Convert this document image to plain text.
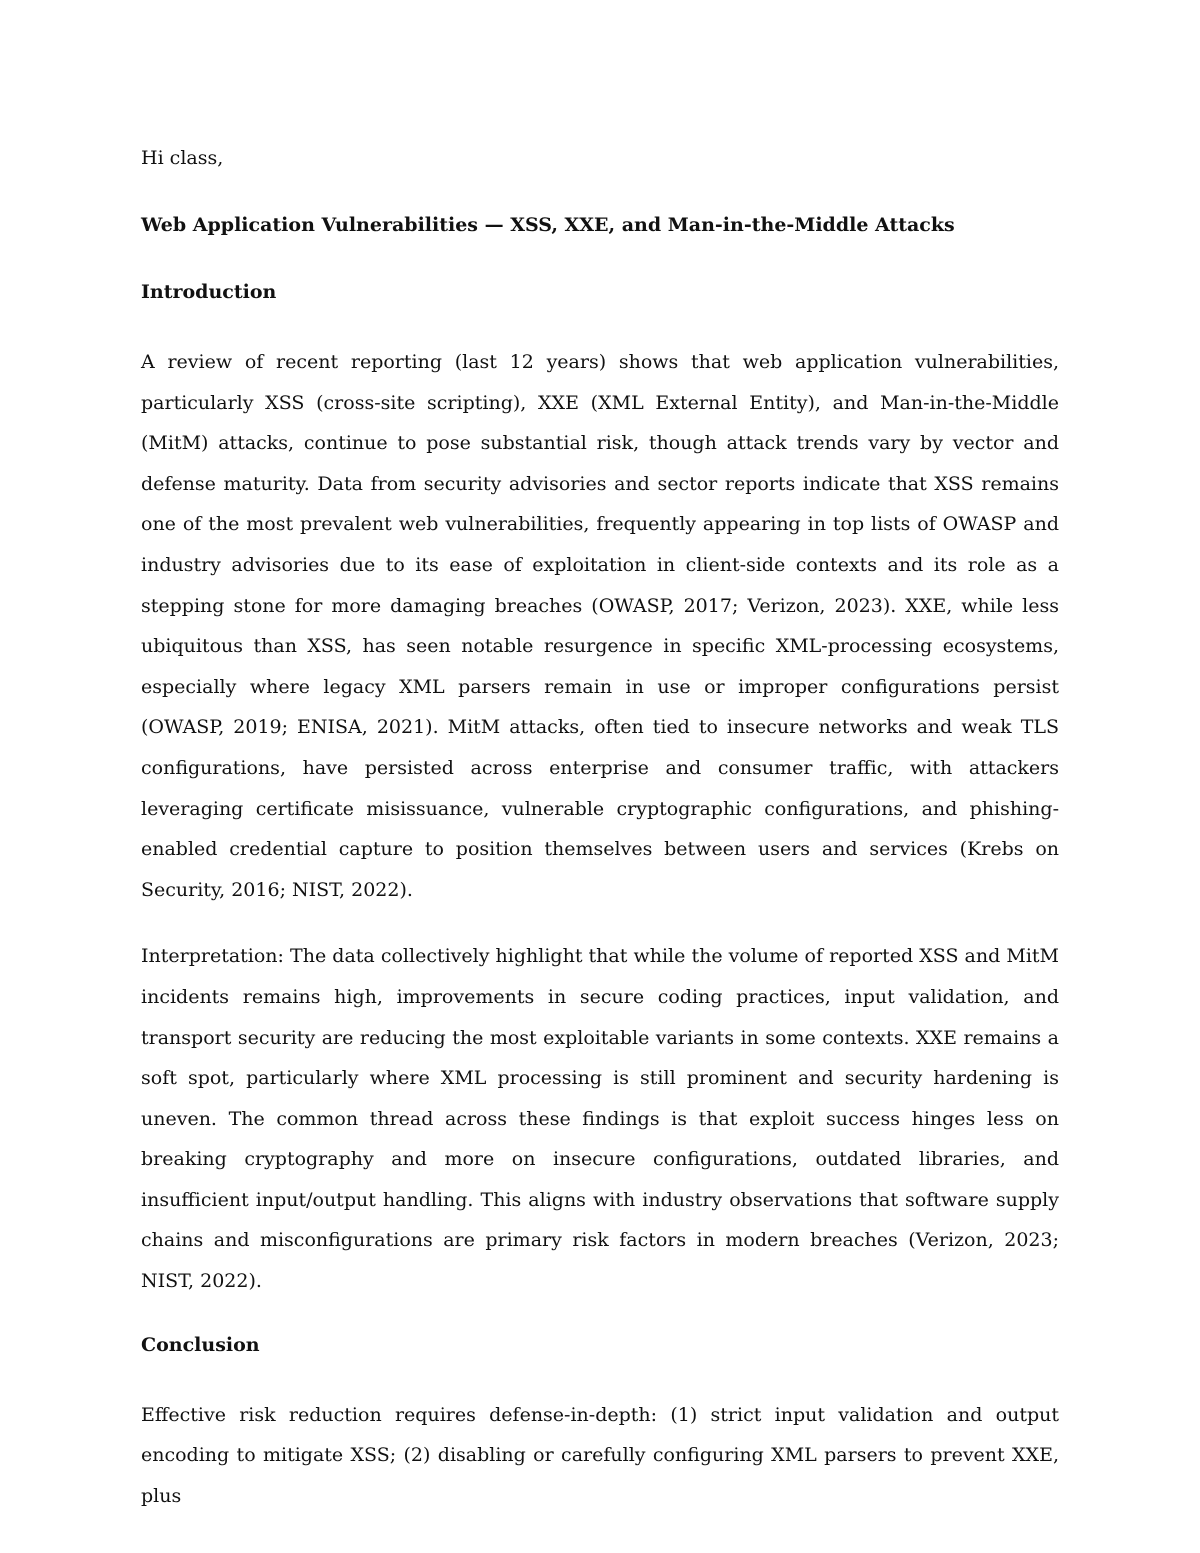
Hi class,

Web Application Vulnerabilities — XSS, XXE, and Man-in-the-Middle Attacks

Introduction

A review of recent reporting (last 12 years) shows that web application vulnerabilities, particularly XSS (cross-site scripting), XXE (XML External Entity), and Man-in-the-Middle (MitM) attacks, continue to pose substantial risk, though attack trends vary by vector and defense maturity. Data from security advisories and sector reports indicate that XSS remains one of the most prevalent web vulnerabilities, frequently appearing in top lists of OWASP and industry advisories due to its ease of exploitation in client-side contexts and its role as a stepping stone for more damaging breaches (OWASP, 2017; Verizon, 2023). XXE, while less ubiquitous than XSS, has seen notable resurgence in specific XML-processing ecosystems, especially where legacy XML parsers remain in use or improper configurations persist (OWASP, 2019; ENISA, 2021). MitM attacks, often tied to insecure networks and weak TLS configurations, have persisted across enterprise and consumer traffic, with attackers leveraging certificate misissuance, vulnerable cryptographic configurations, and phishing-enabled credential capture to position themselves between users and services (Krebs on Security, 2016; NIST, 2022).

Interpretation: The data collectively highlight that while the volume of reported XSS and MitM incidents remains high, improvements in secure coding practices, input validation, and transport security are reducing the most exploitable variants in some contexts. XXE remains a soft spot, particularly where XML processing is still prominent and security hardening is uneven. The common thread across these findings is that exploit success hinges less on breaking cryptography and more on insecure configurations, outdated libraries, and insufficient input/output handling. This aligns with industry observations that software supply chains and misconfigurations are primary risk factors in modern breaches (Verizon, 2023; NIST, 2022).

Conclusion

Effective risk reduction requires defense-in-depth: (1) strict input validation and output encoding to mitigate XSS; (2) disabling or carefully configuring XML parsers to prevent XXE, plus
